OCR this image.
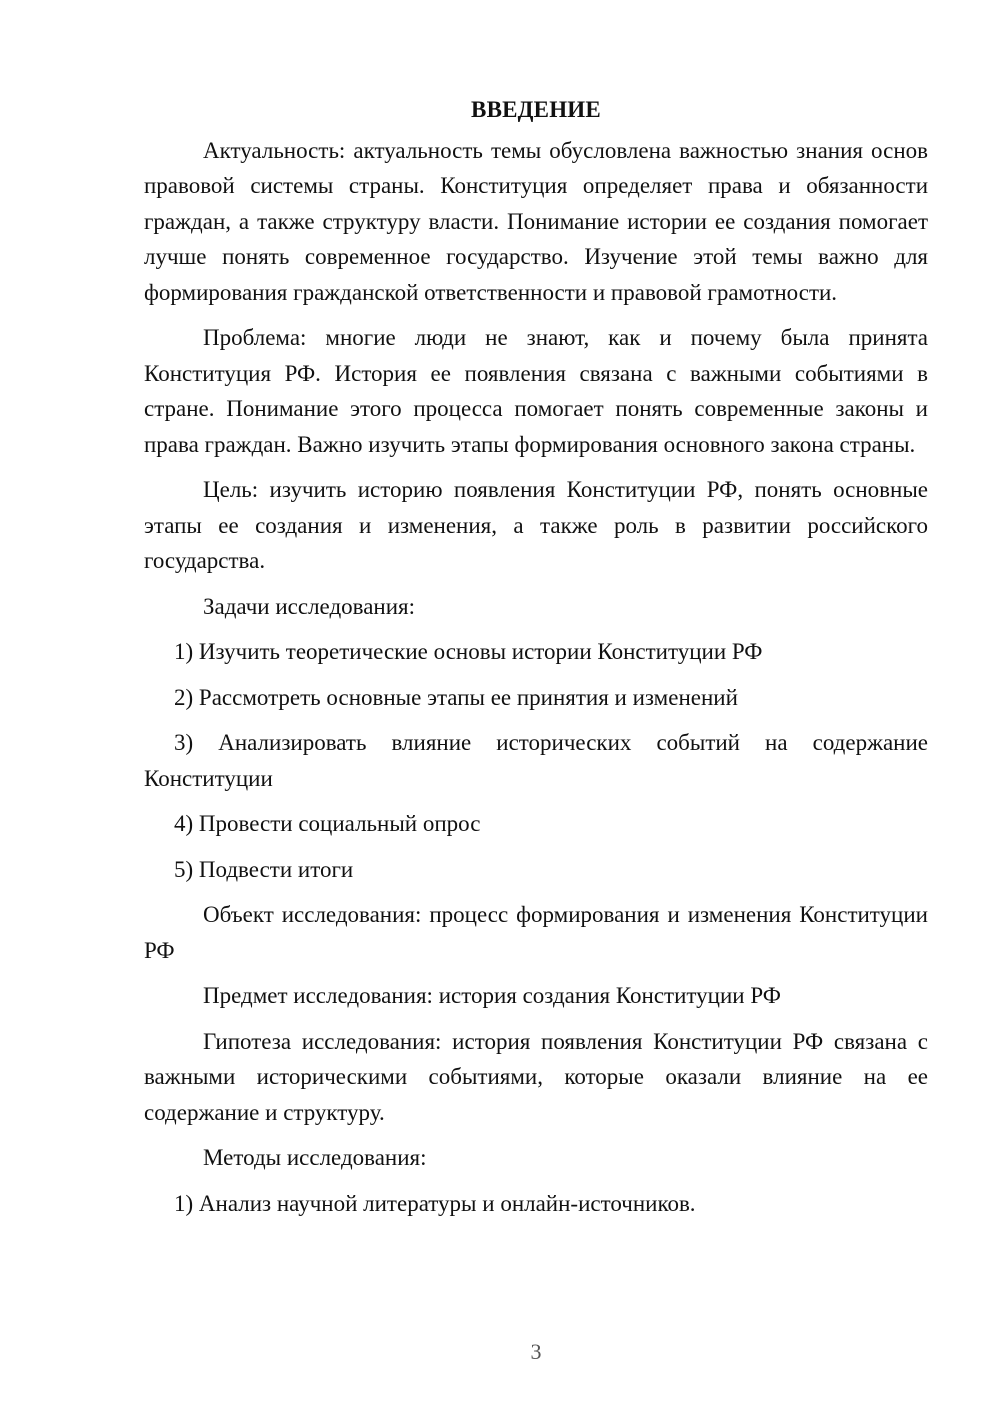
ВВЕДЕНИЕ

Актуальность: актуальность темы обусловлена важностью знания основ правовой системы страны. Конституция определяет права и обязанности граждан, а также структуру власти. Понимание истории ее создания помогает лучше понять современное государство. Изучение этой темы важно для формирования гражданской ответственности и правовой грамотности.

Проблема: многие люди не знают, как и почему была принята Конституция РФ. История ее появления связана с важными событиями в стране. Понимание этого процесса помогает понять современные законы и права граждан. Важно изучить этапы формирования основного закона страны.

Цель: изучить историю появления Конституции РФ, понять основные этапы ее создания и изменения, а также роль в развитии российского государства.

Задачи исследования:

1) Изучить теоретические основы истории Конституции РФ

2) Рассмотреть основные этапы ее принятия и изменений

3) Анализировать влияние исторических событий на содержание Конституции

4) Провести социальный опрос

5) Подвести итоги

Объект исследования: процесс формирования и изменения Конституции РФ

Предмет исследования: история создания Конституции РФ

Гипотеза исследования: история появления Конституции РФ связана с важными историческими событиями, которые оказали влияние на ее содержание и структуру.

Методы исследования:

1) Анализ научной литературы и онлайн-источников.

3
